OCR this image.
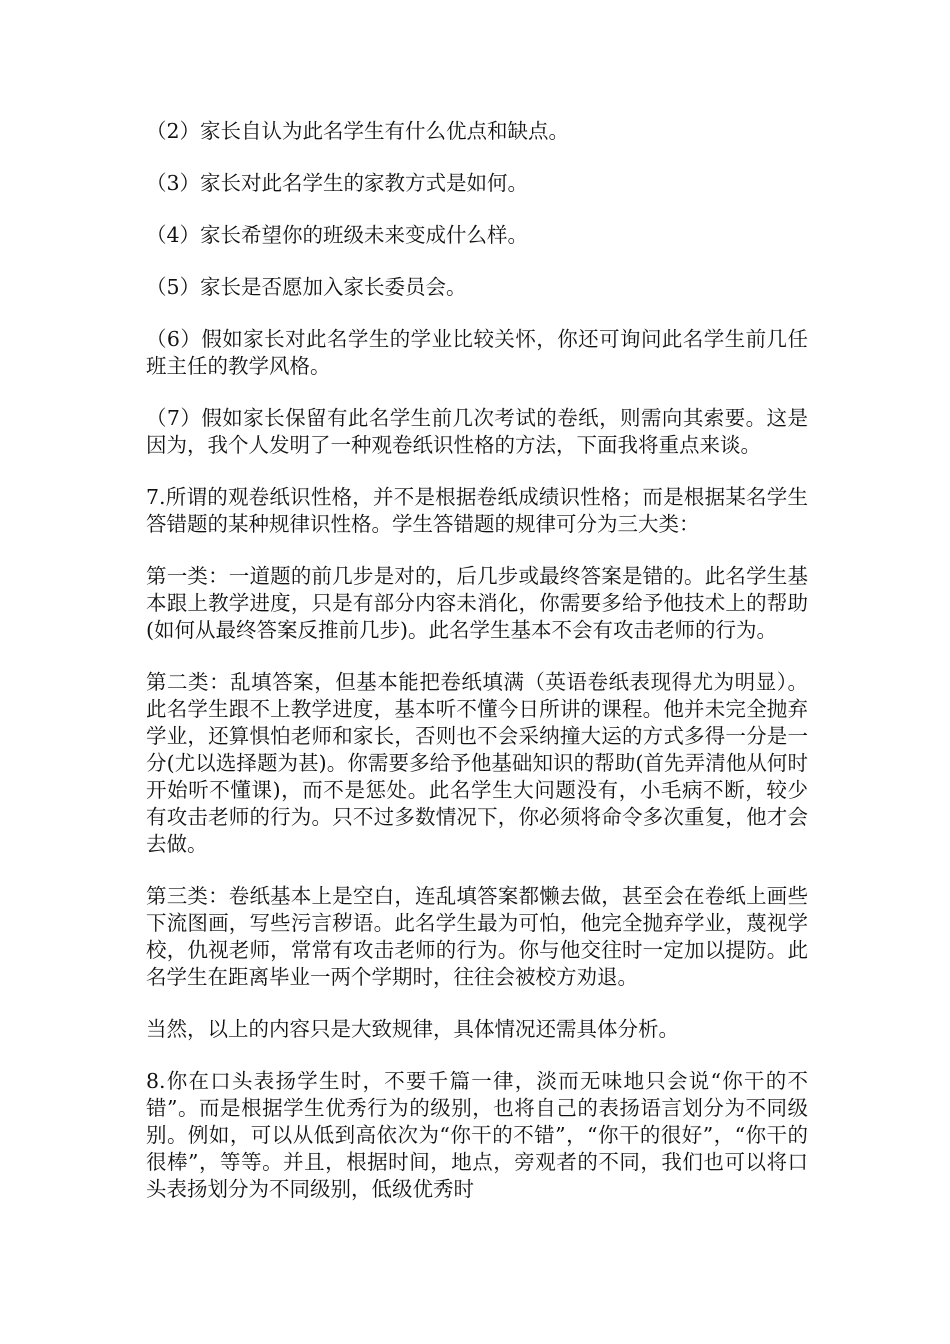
（2）家长自认为此名学生有什么优点和缺点。

（3）家长对此名学生的家教方式是如何。

（4）家长希望你的班级未来变成什么样。

（5）家长是否愿加入家长委员会。

（6）假如家长对此名学生的学业比较关怀，你还可询问此名学生前几任班主任的教学风格。

（7）假如家长保留有此名学生前几次考试的卷纸，则需向其索要。这是因为，我个人发明了一种观卷纸识性格的方法，下面我将重点来谈。

7.所谓的观卷纸识性格，并不是根据卷纸成绩识性格；而是根据某名学生答错题的某种规律识性格。学生答错题的规律可分为三大类：

第一类：一道题的前几步是对的，后几步或最终答案是错的。此名学生基本跟上教学进度，只是有部分内容未消化，你需要多给予他技术上的帮助(如何从最终答案反推前几步)。此名学生基本不会有攻击老师的行为。

第二类：乱填答案，但基本能把卷纸填满（英语卷纸表现得尤为明显）。此名学生跟不上教学进度，基本听不懂今日所讲的课程。他并未完全抛弃学业，还算惧怕老师和家长，否则也不会采纳撞大运的方式多得一分是一分(尤以选择题为甚)。你需要多给予他基础知识的帮助(首先弄清他从何时开始听不懂课)，而不是惩处。此名学生大问题没有，小毛病不断，较少有攻击老师的行为。只不过多数情况下，你必须将命令多次重复，他才会去做。

第三类：卷纸基本上是空白，连乱填答案都懒去做，甚至会在卷纸上画些下流图画，写些污言秽语。此名学生最为可怕，他完全抛弃学业，蔑视学校，仇视老师，常常有攻击老师的行为。你与他交往时一定加以提防。此名学生在距离毕业一两个学期时，往往会被校方劝退。

当然，以上的内容只是大致规律，具体情况还需具体分析。

8.你在口头表扬学生时，不要千篇一律，淡而无味地只会说“你干的不错”。而是根据学生优秀行为的级别，也将自己的表扬语言划分为不同级别。例如，可以从低到高依次为“你干的不错”，“你干的很好”，“你干的很棒”，等等。并且，根据时间，地点，旁观者的不同，我们也可以将口头表扬划分为不同级别，低级优秀时
